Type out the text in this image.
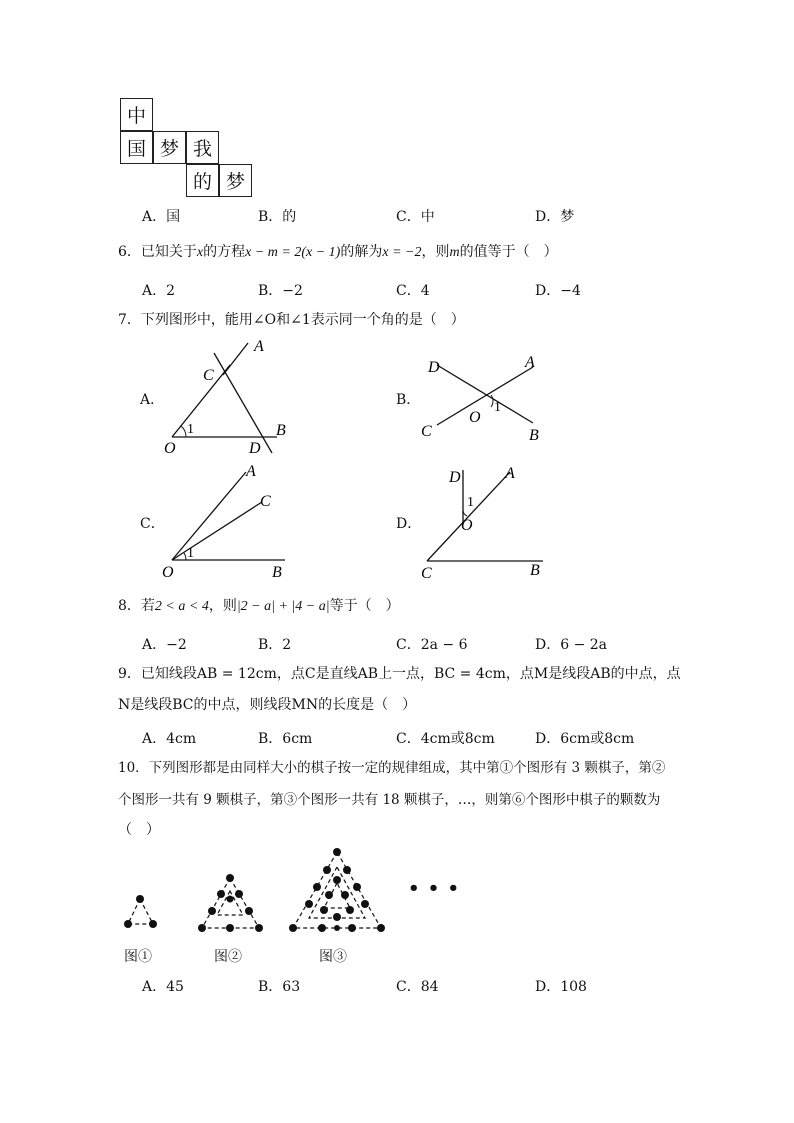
中
国 梦 我
的 梦
A．国	B．的	C．中	D．梦
6．已知关于x的方程x − m = 2(x − 1)的解为x = −2，则m的值等于（　）
A．2	B．−2	C．4	D．−4
7．下列图形中，能用∠O和∠1表示同一个角的是（　）
A．	B．
C．	D．
A
B
C
D
O
1
A
B
C
D
O
1
A
B
C
O
1
A
B
C
D
O
1
8．若2 < a < 4，则|2 − a| + |4 − a|等于（　）
A．−2	B．2	C．2a − 6	D．6 − 2a
9．已知线段AB = 12cm，点C是直线AB上一点，BC = 4cm，点M是线段AB的中点，点
N是线段BC的中点，则线段MN的长度是（　）
A．4cm	B．6cm	C．4cm或8cm	D．6cm或8cm
10．下列图形都是由同样大小的棋子按一定的规律组成，其中第①个图形有 3 颗棋子，第②
个图形一共有 9 颗棋子，第③个图形一共有 18 颗棋子，…，则第⑥个图形中棋子的颗数为
（　）
• • •
图①	图②	图③
A．45	B．63	C．84	D．108
